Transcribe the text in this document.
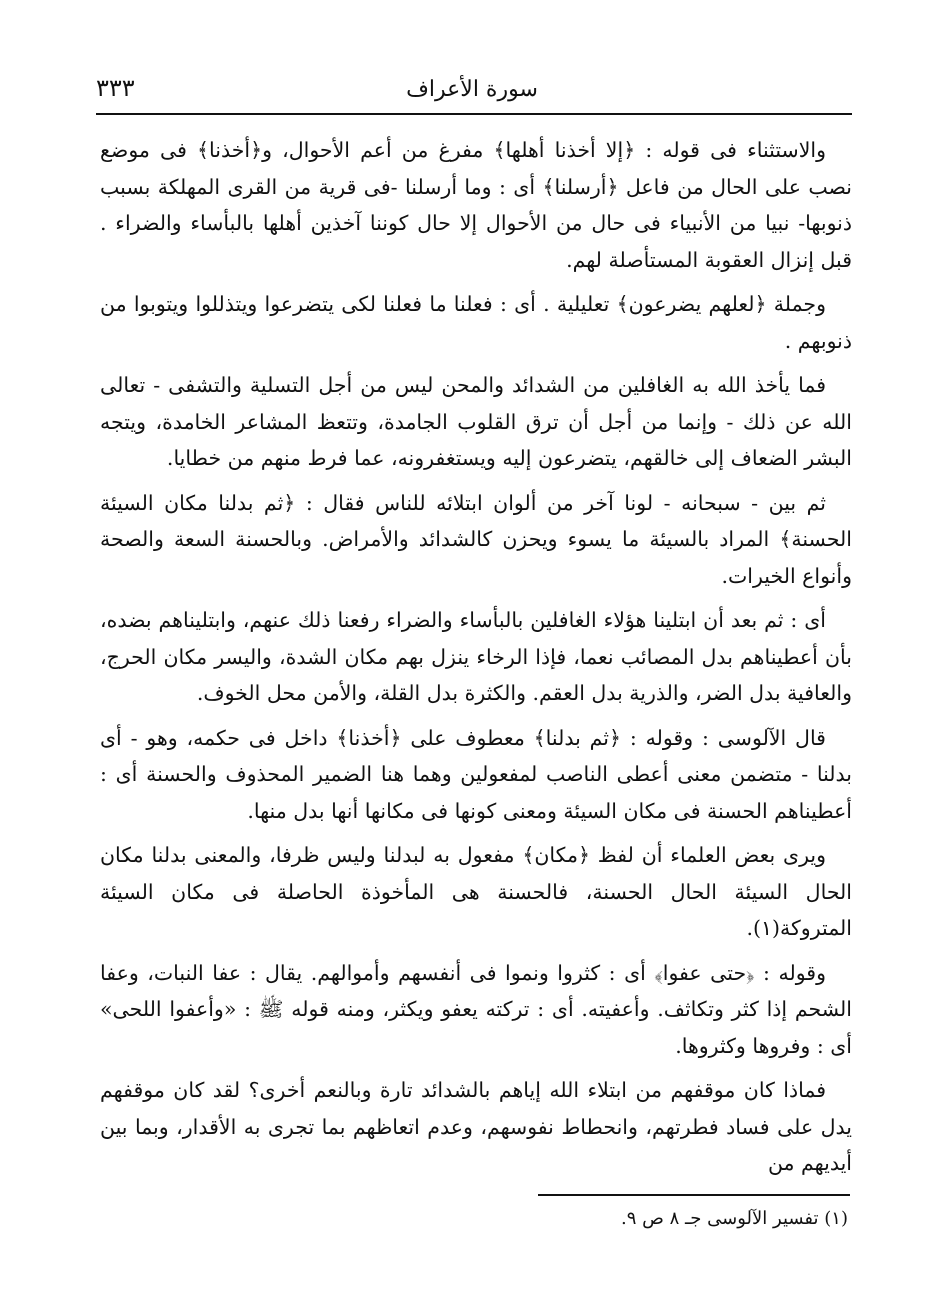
سورة الأعراف
٣٣٣

والاستثناء فى قوله : ﴿إلا أخذنا أهلها﴾ مفرغ من أعم الأحوال، و﴿أخذنا﴾ فى موضع نصب على الحال من فاعل ﴿أرسلنا﴾ أى : وما أرسلنا -فى قرية من القرى المهلكة بسبب ذنوبها- نبيا من الأنبياء فى حال من الأحوال إلا حال كوننا آخذين أهلها بالبأساء والضراء . قبل إنزال العقوبة المستأصلة لهم.

وجملة ﴿لعلهم يضرعون﴾ تعليلية . أى : فعلنا ما فعلنا لكى يتضرعوا ويتذللوا ويتوبوا من ذنوبهم .

فما يأخذ الله به الغافلين من الشدائد والمحن ليس من أجل التسلية والتشفى - تعالى الله عن ذلك - وإنما من أجل أن ترق القلوب الجامدة، وتتعظ المشاعر الخامدة، ويتجه البشر الضعاف إلى خالقهم، يتضرعون إليه ويستغفرونه، عما فرط منهم من خطايا.

ثم بين - سبحانه - لونا آخر من ألوان ابتلائه للناس فقال : ﴿ثم بدلنا مكان السيئة الحسنة﴾ المراد بالسيئة ما يسوء ويحزن كالشدائد والأمراض. وبالحسنة السعة والصحة وأنواع الخيرات.

أى : ثم بعد أن ابتلينا هؤلاء الغافلين بالبأساء والضراء رفعنا ذلك عنهم، وابتليناهم بضده، بأن أعطيناهم بدل المصائب نعما، فإذا الرخاء ينزل بهم مكان الشدة، واليسر مكان الحرج، والعافية بدل الضر، والذرية بدل العقم. والكثرة بدل القلة، والأمن محل الخوف.

قال الآلوسى : وقوله : ﴿ثم بدلنا﴾ معطوف على ﴿أخذنا﴾ داخل فى حكمه، وهو - أى بدلنا - متضمن معنى أعطى الناصب لمفعولين وهما هنا الضمير المحذوف والحسنة أى : أعطيناهم الحسنة فى مكان السيئة ومعنى كونها فى مكانها أنها بدل منها.

ويرى بعض العلماء أن لفظ ﴿مكان﴾ مفعول به لبدلنا وليس ظرفا، والمعنى بدلنا مكان الحال السيئة الحال الحسنة، فالحسنة هى المأخوذة الحاصلة فى مكان السيئة المتروكة(١).

وقوله : ﴿حتى عفوا﴾ أى : كثروا ونموا فى أنفسهم وأموالهم. يقال : عفا النبات، وعفا الشحم إذا كثر وتكاثف. وأعفيته. أى : تركته يعفو ويكثر، ومنه قوله ﷺ : «وأعفوا اللحى» أى : وفروها وكثروها.

فماذا كان موقفهم من ابتلاء الله إياهم بالشدائد تارة وبالنعم أخرى؟ لقد كان موقفهم يدل على فساد فطرتهم، وانحطاط نفوسهم، وعدم اتعاظهم بما تجرى به الأقدار، وبما بين أيديهم من

(١) تفسير الآلوسى جـ ٨ ص ٩.
